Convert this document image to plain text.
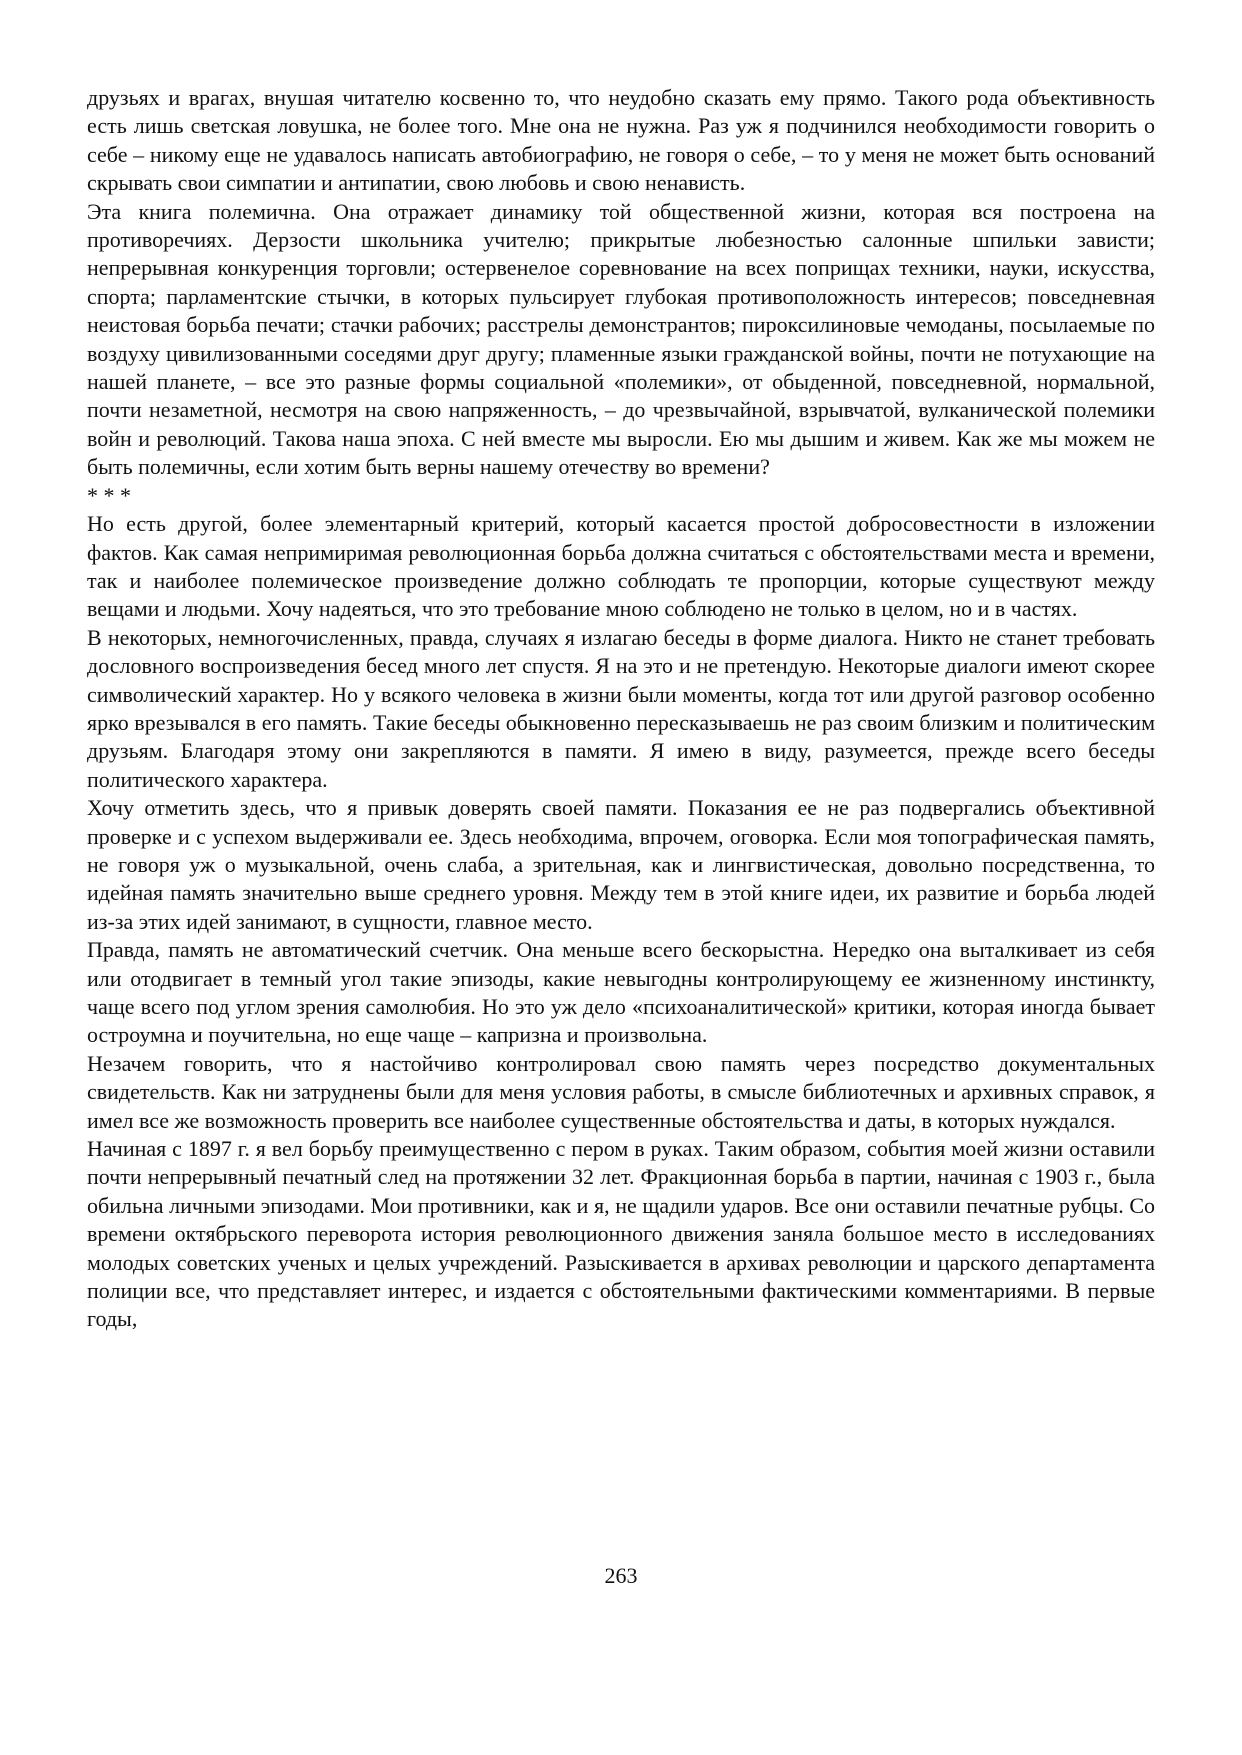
друзьях и врагах, внушая читателю косвенно то, что неудобно сказать ему прямо. Такого рода объективность есть лишь светская ловушка, не более того. Мне она не нужна. Раз уж я подчинился необходимости говорить о себе – никому еще не удавалось написать автобиографию, не говоря о себе, – то у меня не может быть оснований скрывать свои симпатии и антипатии, свою любовь и свою ненависть.

Эта книга полемична. Она отражает динамику той общественной жизни, которая вся построена на противоречиях. Дерзости школьника учителю; прикрытые любезностью салонные шпильки зависти; непрерывная конкуренция торговли; остервенелое соревнование на всех поприщах техники, науки, искусства, спорта; парламентские стычки, в которых пульсирует глубокая противоположность интересов; повседневная неистовая борьба печати; стачки рабочих; расстрелы демонстрантов; пироксилиновые чемоданы, посылаемые по воздуху цивилизованными соседями друг другу; пламенные языки гражданской войны, почти не потухающие на нашей планете, – все это разные формы социальной «полемики», от обыденной, повседневной, нормальной, почти незаметной, несмотря на свою напряженность, – до чрезвычайной, взрывчатой, вулканической полемики войн и революций. Такова наша эпоха. С ней вместе мы выросли. Ею мы дышим и живем. Как же мы можем не быть полемичны, если хотим быть верны нашему отечеству во времени?

* * *

Но есть другой, более элементарный критерий, который касается простой добросовестности в изложении фактов. Как самая непримиримая революционная борьба должна считаться с обстоятельствами места и времени, так и наиболее полемическое произведение должно соблюдать те пропорции, которые существуют между вещами и людьми. Хочу надеяться, что это требование мною соблюдено не только в целом, но и в частях.

В некоторых, немногочисленных, правда, случаях я излагаю беседы в форме диалога. Никто не станет требовать дословного воспроизведения бесед много лет спустя. Я на это и не претендую. Некоторые диалоги имеют скорее символический характер. Но у всякого человека в жизни были моменты, когда тот или другой разговор особенно ярко врезывался в его память. Такие беседы обыкновенно пересказываешь не раз своим близким и политическим друзьям. Благодаря этому они закрепляются в памяти. Я имею в виду, разумеется, прежде всего беседы политического характера.

Хочу отметить здесь, что я привык доверять своей памяти. Показания ее не раз подвергались объективной проверке и с успехом выдерживали ее. Здесь необходима, впрочем, оговорка. Если моя топографическая память, не говоря уж о музыкальной, очень слаба, а зрительная, как и лингвистическая, довольно посредственна, то идейная память значительно выше среднего уровня. Между тем в этой книге идеи, их развитие и борьба людей из-за этих идей занимают, в сущности, главное место.

Правда, память не автоматический счетчик. Она меньше всего бескорыстна. Нередко она выталкивает из себя или отодвигает в темный угол такие эпизоды, какие невыгодны контролирующему ее жизненному инстинкту, чаще всего под углом зрения самолюбия. Но это уж дело «психоаналитической» критики, которая иногда бывает остроумна и поучительна, но еще чаще – капризна и произвольна.

Незачем говорить, что я настойчиво контролировал свою память через посредство документальных свидетельств. Как ни затруднены были для меня условия работы, в смысле библиотечных и архивных справок, я имел все же возможность проверить все наиболее существенные обстоятельства и даты, в которых нуждался.

Начиная с 1897 г. я вел борьбу преимущественно с пером в руках. Таким образом, события моей жизни оставили почти непрерывный печатный след на протяжении 32 лет. Фракционная борьба в партии, начиная с 1903 г., была обильна личными эпизодами. Мои противники, как и я, не щадили ударов. Все они оставили печатные рубцы. Со времени октябрьского переворота история революционного движения заняла большое место в исследованиях молодых советских ученых и целых учреждений. Разыскивается в архивах революции и царского департамента полиции все, что представляет интерес, и издается с обстоятельными фактическими комментариями. В первые годы,

263
